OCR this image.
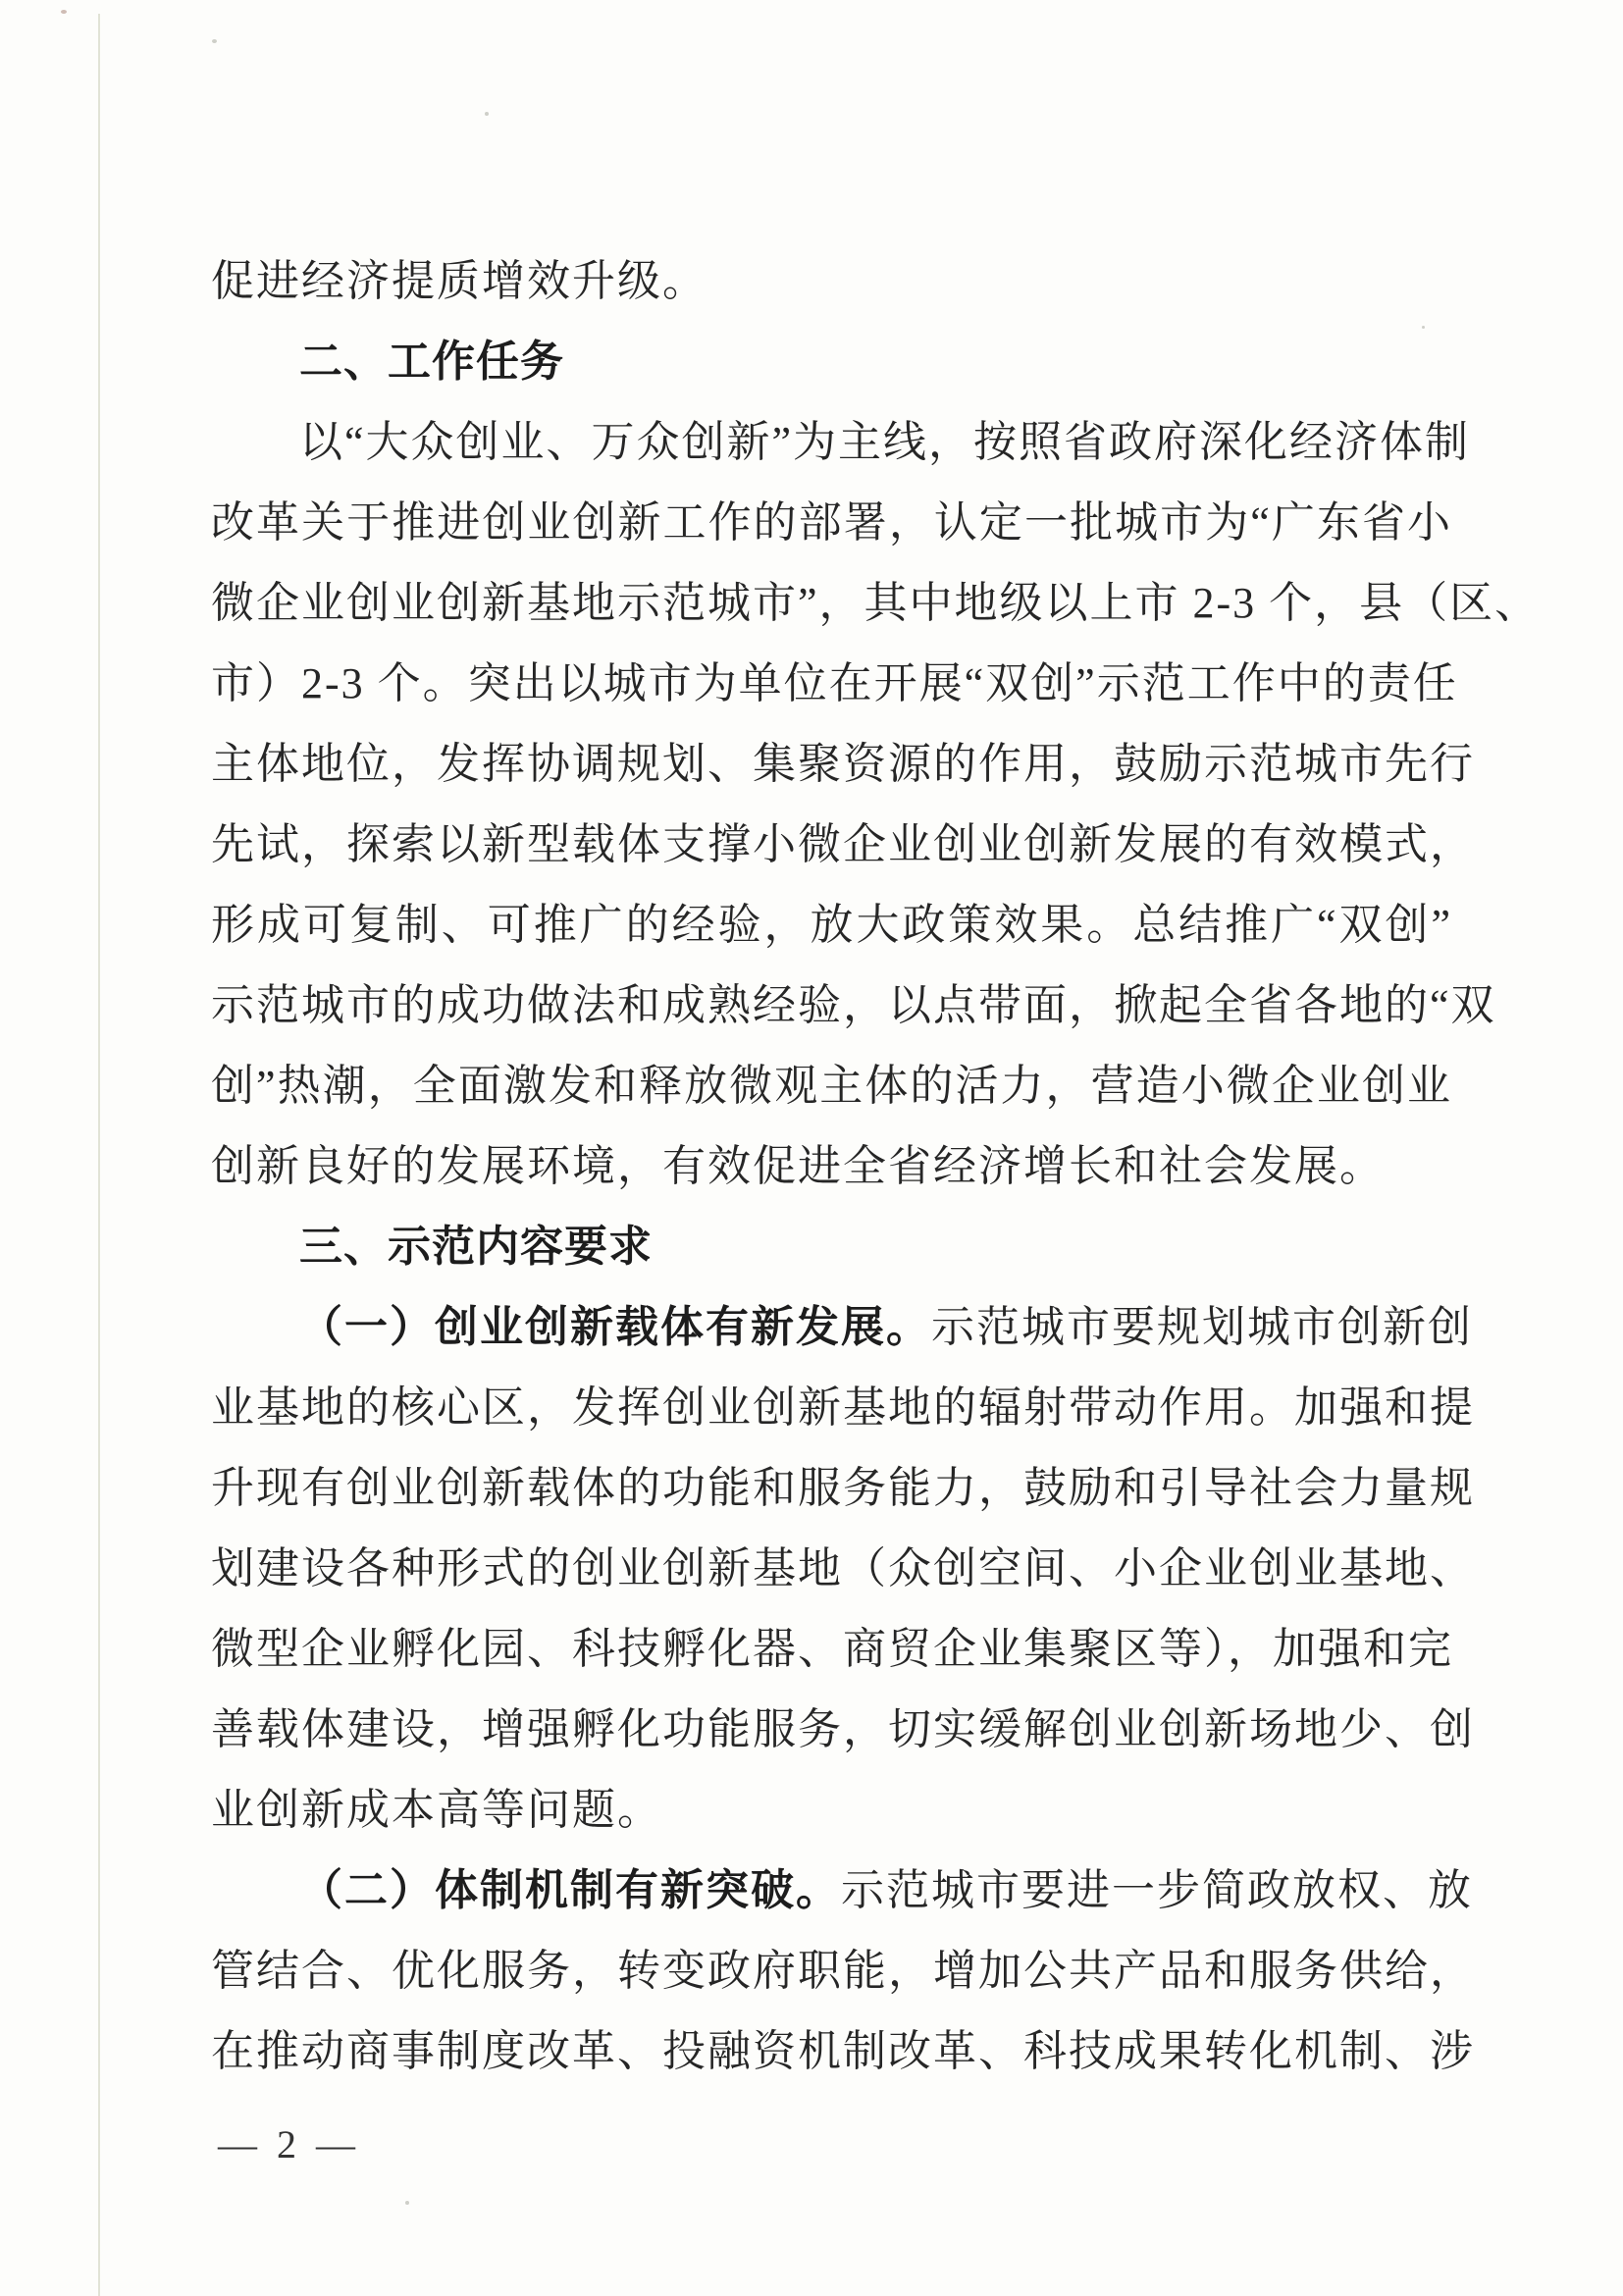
促进经济提质增效升级。
二、工作任务
以“大众创业、万众创新”为主线，按照省政府深化经济体制
改革关于推进创业创新工作的部署，认定一批城市为“广东省小
微企业创业创新基地示范城市”，其中地级以上市 2-3 个，县（区、
市）2-3 个。突出以城市为单位在开展“双创”示范工作中的责任
主体地位，发挥协调规划、集聚资源的作用，鼓励示范城市先行
先试，探索以新型载体支撑小微企业创业创新发展的有效模式，
形成可复制、可推广的经验，放大政策效果。总结推广“双创”
示范城市的成功做法和成熟经验，以点带面，掀起全省各地的“双
创”热潮，全面激发和释放微观主体的活力，营造小微企业创业
创新良好的发展环境，有效促进全省经济增长和社会发展。
三、示范内容要求
（一）创业创新载体有新发展。示范城市要规划城市创新创
业基地的核心区，发挥创业创新基地的辐射带动作用。加强和提
升现有创业创新载体的功能和服务能力，鼓励和引导社会力量规
划建设各种形式的创业创新基地（众创空间、小企业创业基地、
微型企业孵化园、科技孵化器、商贸企业集聚区等），加强和完
善载体建设，增强孵化功能服务，切实缓解创业创新场地少、创
业创新成本高等问题。
（二）体制机制有新突破。示范城市要进一步简政放权、放
管结合、优化服务，转变政府职能，增加公共产品和服务供给，
在推动商事制度改革、投融资机制改革、科技成果转化机制、涉
— 2 —
